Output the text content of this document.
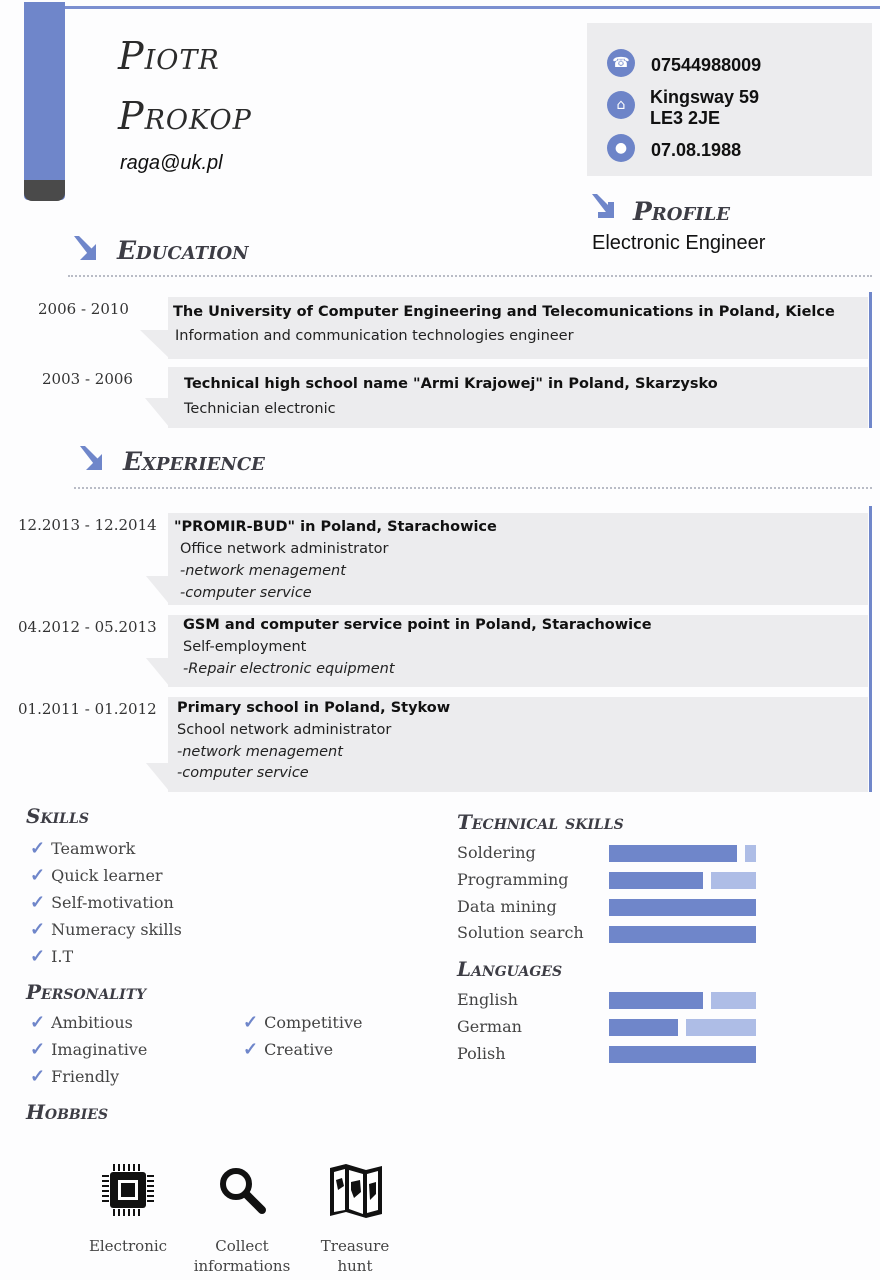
Piotr
Prokop
raga@uk.pl
☎ 07544988009
⌂	Kingsway 59
LE3 2JE
●	07.08.1988
Profile
Electronic Engineer
Education
2006 - 2010	The University of Computer Engineering and Telecomunications in Poland, Kielce
Information and communication technologies engineer
2003 - 2006	Technical high school name "Armi Krajowej" in Poland, Skarzysko
Technician electronic
Experience
12.2013 - 12.2014 "PROMIR-BUD" in Poland, Starachowice
Office network administrator
-network menagement
-computer service
04.2012 - 05.2013 GSM and computer service point in Poland, Starachowice
Self-employment
-Repair electronic equipment
01.2011 - 01.2012 Primary school in Poland, Stykow
School network administrator
-network menagement
-computer service
Skills
✓ Teamwork
✓ Quick learner
✓ Self-motivation
✓ Numeracy skills
✓ I.T
Personality
✓ Ambitious
✓ Imaginative
✓ Friendly
✓ Competitive
✓ Creative
Hobbies
Electronic	Collect
informations
Treasure
hunt
Technical skills
Soldering
Programming
Data mining
Solution search
Languages
English
German
Polish
